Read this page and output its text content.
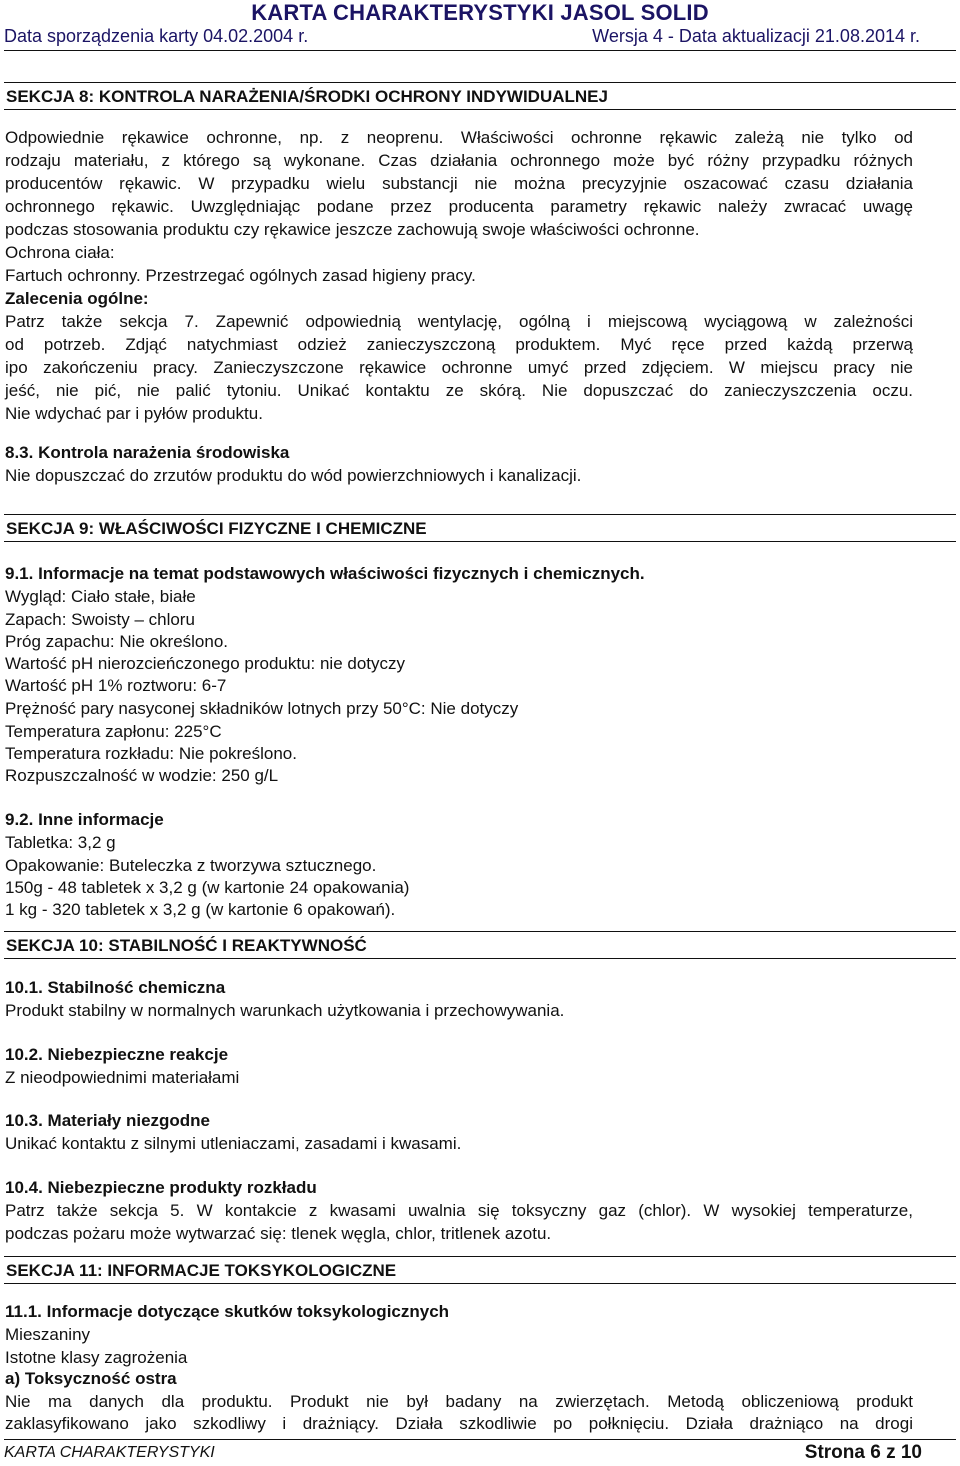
KARTA CHARAKTERYSTYKI JASOL SOLID
Data sporządzenia karty 04.02.2004 r.	Wersja 4 - Data aktualizacji 21.08.2014 r.
SEKCJA 8: KONTROLA NARAŻENIA/ŚRODKI OCHRONY INDYWIDUALNEJ
Odpowiednie rękawice ochronne, np. z neoprenu. Właściwości ochronne rękawic zależą nie tylko od
rodzaju materiału, z którego są wykonane. Czas działania ochronnego może być różny przypadku różnych
producentów rękawic. W przypadku wielu substancji nie można precyzyjnie oszacować czasu działania
ochronnego rękawic. Uwzględniając podane przez producenta parametry rękawic należy zwracać uwagę
podczas stosowania produktu czy rękawice jeszcze zachowują swoje właściwości ochronne.
Ochrona ciała:
Fartuch ochronny. Przestrzegać ogólnych zasad higieny pracy.
Zalecenia ogólne:
Patrz także sekcja 7. Zapewnić odpowiednią wentylację, ogólną i miejscową wyciągową w zależności
od potrzeb. Zdjąć natychmiast odzież zanieczyszczoną produktem. Myć ręce przed każdą przerwą
ipo zakończeniu pracy. Zanieczyszczone rękawice ochronne umyć przed zdjęciem. W miejscu pracy nie
jeść, nie pić, nie palić tytoniu. Unikać kontaktu ze skórą. Nie dopuszczać do zanieczyszczenia oczu.
Nie wdychać par i pyłów produktu.
8.3. Kontrola narażenia środowiska
Nie dopuszczać do zrzutów produktu do wód powierzchniowych i kanalizacji.
SEKCJA 9: WŁAŚCIWOŚCI FIZYCZNE I CHEMICZNE
9.1. Informacje na temat podstawowych właściwości fizycznych i chemicznych.
Wygląd: Ciało stałe, białe
Zapach: Swoisty – chloru
Próg zapachu: Nie określono.
Wartość pH nierozcieńczonego produktu: nie dotyczy
Wartość pH 1% roztworu: 6-7
Prężność pary nasyconej składników lotnych przy 50°C: Nie dotyczy
Temperatura zapłonu: 225°C
Temperatura rozkładu: Nie pokreślono.
Rozpuszczalność w wodzie: 250 g/L
9.2. Inne informacje
Tabletka: 3,2 g
Opakowanie: Buteleczka z tworzywa sztucznego.
150g - 48 tabletek x 3,2 g (w kartonie 24 opakowania)
1 kg - 320 tabletek x 3,2 g (w kartonie 6 opakowań).
SEKCJA 10: STABILNOŚĆ I REAKTYWNOŚĆ
10.1. Stabilność chemiczna
Produkt stabilny w normalnych warunkach użytkowania i przechowywania.
10.2. Niebezpieczne reakcje
Z nieodpowiednimi materiałami
10.3. Materiały niezgodne
Unikać kontaktu z silnymi utleniaczami, zasadami i kwasami.
10.4. Niebezpieczne produkty rozkładu
Patrz także sekcja 5. W kontakcie z kwasami uwalnia się toksyczny gaz (chlor). W wysokiej temperaturze,
podczas pożaru może wytwarzać się: tlenek węgla, chlor, tritlenek azotu.
SEKCJA 11: INFORMACJE TOKSYKOLOGICZNE
11.1. Informacje dotyczące skutków toksykologicznych
Mieszaniny
Istotne klasy zagrożenia
a) Toksyczność ostra
Nie ma danych dla produktu. Produkt nie był badany na zwierzętach. Metodą obliczeniową produkt
zaklasyfikowano jako szkodliwy i drażniący. Działa szkodliwie po połknięciu. Działa drażniąco na drogi
KARTA CHARAKTERYSTYKI	Strona 6 z 10
